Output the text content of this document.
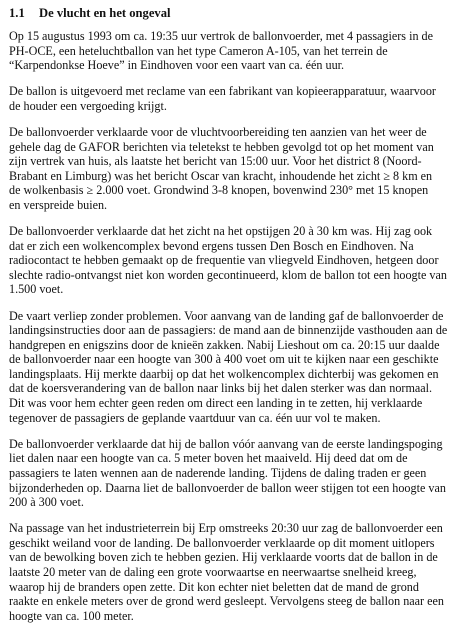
1.1	De vlucht en het ongeval

Op 15 augustus 1993 om ca. 19:35 uur vertrok de ballonvoerder, met 4 passagiers in de
PH-OCE, een heteluchtballon van het type Cameron A-105, van het terrein de
“Karpendonkse Hoeve” in Eindhoven voor een vaart van ca. één uur.

De ballon is uitgevoerd met reclame van een fabrikant van kopieerapparatuur, waarvoor
de houder een vergoeding krijgt.

De ballonvoerder verklaarde voor de vluchtvoorbereiding ten aanzien van het weer de
gehele dag de GAFOR berichten via teletekst te hebben gevolgd tot op het moment van
zijn vertrek van huis, als laatste het bericht van 15:00 uur. Voor het district 8 (Noord-
Brabant en Limburg) was het bericht Oscar van kracht, inhoudende het zicht ≥ 8 km en
de wolkenbasis ≥ 2.000 voet. Grondwind 3-8 knopen, bovenwind 230° met 15 knopen
en verspreide buien.

De ballonvoerder verklaarde dat het zicht na het opstijgen 20 à 30 km was. Hij zag ook
dat er zich een wolkencomplex bevond ergens tussen Den Bosch en Eindhoven. Na
radiocontact te hebben gemaakt op de frequentie van vliegveld Eindhoven, hetgeen door
slechte radio-ontvangst niet kon worden gecontinueerd, klom de ballon tot een hoogte van
1.500 voet.

De vaart verliep zonder problemen. Voor aanvang van de landing gaf de ballonvoerder de
landingsinstructies door aan de passagiers: de mand aan de binnenzijde vasthouden aan de
handgrepen en enigszins door de knieën zakken. Nabij Lieshout om ca. 20:15 uur daalde
de ballonvoerder naar een hoogte van 300 à 400 voet om uit te kijken naar een geschikte
landingsplaats. Hij merkte daarbij op dat het wolkencomplex dichterbij was gekomen en
dat de koersverandering van de ballon naar links bij het dalen sterker was dan normaal.
Dit was voor hem echter geen reden om direct een landing in te zetten, hij verklaarde
tegenover de passagiers de geplande vaartduur van ca. één uur vol te maken.

De ballonvoerder verklaarde dat hij de ballon vóór aanvang van de eerste landingspoging
liet dalen naar een hoogte van ca. 5 meter boven het maaiveld. Hij deed dat om de
passagiers te laten wennen aan de naderende landing. Tijdens de daling traden er geen
bijzonderheden op. Daarna liet de ballonvoerder de ballon weer stijgen tot een hoogte van
200 à 300 voet.

Na passage van het industrieterrein bij Erp omstreeks 20:30 uur zag de ballonvoerder een
geschikt weiland voor de landing. De ballonvoerder verklaarde op dit moment uitlopers
van de bewolking boven zich te hebben gezien. Hij verklaarde voorts dat de ballon in de
laatste 20 meter van de daling een grote voorwaartse en neerwaartse snelheid kreeg,
waarop hij de branders open zette. Dit kon echter niet beletten dat de mand de grond
raakte en enkele meters over de grond werd gesleept. Vervolgens steeg de ballon naar een
hoogte van ca. 100 meter.
